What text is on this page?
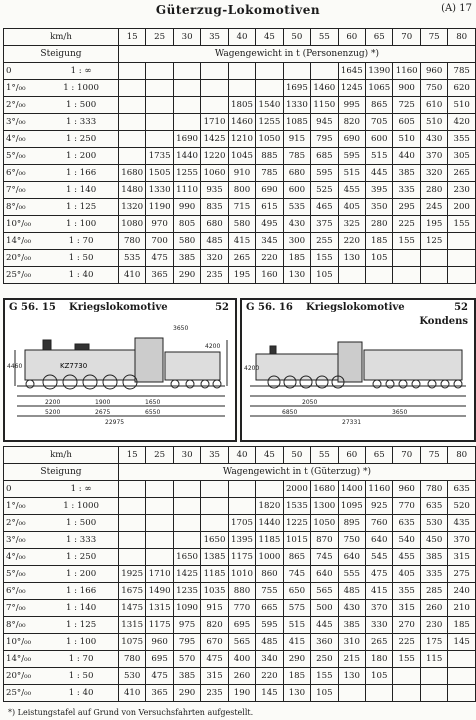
Güterzug-Lokomotiven	(A) 17
km/h		15	25	30	35	40	45	50	55	60	65	70	75	80
Steigung		Wagengewicht in t (Personenzug) *)												
0	1 : ∞									1645	1390	1160	960	785
1°/₀₀	1 : 1000							1695	1460	1245	1065	900	750	620
2°/₀₀	1 : 500					1805	1540	1330	1150	995	865	725	610	510
3°/₀₀	1 : 333				1710	1460	1255	1085	945	820	705	605	510	420
4°/₀₀	1 : 250			1690	1425	1210	1050	915	795	690	600	510	430	355
5°/₀₀	1 : 200		1735	1440	1220	1045	885	785	685	595	515	440	370	305
6°/₀₀	1 : 166	1680	1505	1255	1060	910	785	680	595	515	445	385	320	265
7°/₀₀	1 : 140	1480	1330	1110	935	800	690	600	525	455	395	335	280	230
8°/₀₀	1 : 125	1320	1190	990	835	715	615	535	465	405	350	295	245	200
10°/₀₀	1 : 100	1080	970	805	680	580	495	430	375	325	280	225	195	155
14°/₀₀	1 : 70	780	700	580	485	415	345	300	255	220	185	155	125	
20°/₀₀	1 : 50	535	475	385	320	265	220	185	155	130	105			
25°/₀₀	1 : 40	410	365	290	235	195	160	130	105					
G 56. 15 Kriegslokomotive	52
KZ7730
22975
5200	2675	6550
2200	1900	1650
3650
4460
4200
G 56. 16 Kriegslokomotive	52
Kondens
27331
6850	3650
2050
4200
km/h		15	25	30	35	40	45	50	55	60	65	70	75	80
Steigung		Wagengewicht in t (Güterzug) *)												
0	1 : ∞							2000	1680	1400	1160	960	780	635
1°/₀₀	1 : 1000						1820	1535	1300	1095	925	770	635	520
2°/₀₀	1 : 500					1705	1440	1225	1050	895	760	635	530	435
3°/₀₀	1 : 333				1650	1395	1185	1015	870	750	640	540	450	370
4°/₀₀	1 : 250			1650	1385	1175	1000	865	745	640	545	455	385	315
5°/₀₀	1 : 200	1925	1710	1425	1185	1010	860	745	640	555	475	405	335	275
6°/₀₀	1 : 166	1675	1490	1235	1035	880	755	650	565	485	415	355	285	240
7°/₀₀	1 : 140	1475	1315	1090	915	770	665	575	500	430	370	315	260	210
8°/₀₀	1 : 125	1315	1175	975	820	695	595	515	445	385	330	270	230	185
10°/₀₀	1 : 100	1075	960	795	670	565	485	415	360	310	265	225	175	145
14°/₀₀	1 : 70	780	695	570	475	400	340	290	250	215	180	155	115	
20°/₀₀	1 : 50	530	475	385	315	260	220	185	155	130	105			
25°/₀₀	1 : 40	410	365	290	235	190	145	130	105					
*) Leistungstafel auf Grund von Versuchsfahrten aufgestellt.
